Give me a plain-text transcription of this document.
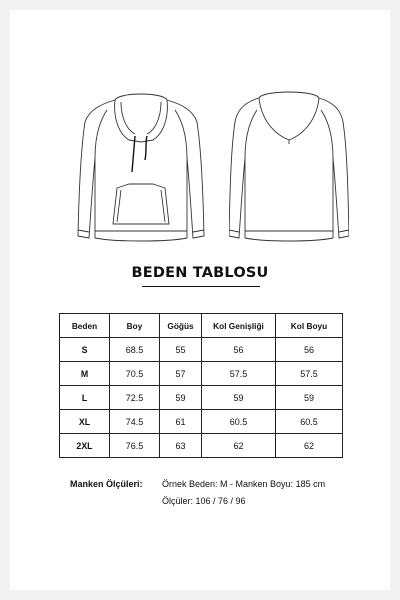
BEDEN TABLOSU
Beden	Boy	Göğüs	Kol Genişliği	Kol Boyu
S	68.5	55	56	56
M	70.5	57	57.5	57.5
L	72.5	59	59	59
XL	74.5	61	60.5	60.5
2XL	76.5	63	62	62
Manken Ölçüleri: Örnek Beden: M - Manken Boyu: 185 cm
Ölçüler: 106 / 76 / 96
